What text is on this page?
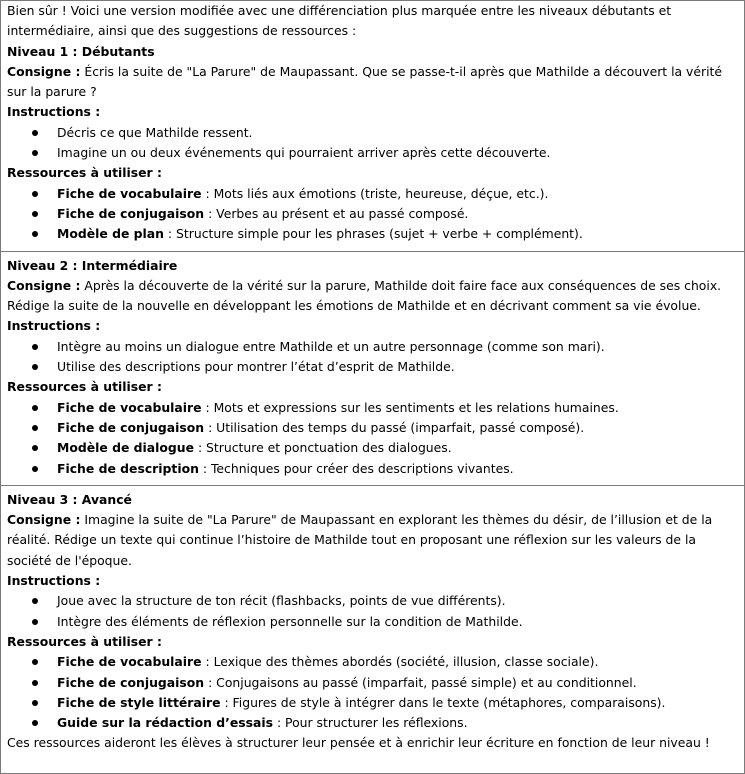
Bien sûr ! Voici une version modifiée avec une différenciation plus marquée entre les niveaux débutants et intermédiaire, ainsi que des suggestions de ressources :
Niveau 1 : Débutants
Consigne : Écris la suite de "La Parure" de Maupassant. Que se passe-t-il après que Mathilde a découvert la vérité sur la parure ?
Instructions :
Décris ce que Mathilde ressent.
Imagine un ou deux événements qui pourraient arriver après cette découverte.
Ressources à utiliser :
Fiche de vocabulaire : Mots liés aux émotions (triste, heureuse, déçue, etc.).
Fiche de conjugaison : Verbes au présent et au passé composé.
Modèle de plan : Structure simple pour les phrases (sujet + verbe + complément).
Niveau 2 : Intermédiaire
Consigne : Après la découverte de la vérité sur la parure, Mathilde doit faire face aux conséquences de ses choix. Rédige la suite de la nouvelle en développant les émotions de Mathilde et en décrivant comment sa vie évolue.
Instructions :
Intègre au moins un dialogue entre Mathilde et un autre personnage (comme son mari).
Utilise des descriptions pour montrer l’état d’esprit de Mathilde.
Ressources à utiliser :
Fiche de vocabulaire : Mots et expressions sur les sentiments et les relations humaines.
Fiche de conjugaison : Utilisation des temps du passé (imparfait, passé composé).
Modèle de dialogue : Structure et ponctuation des dialogues.
Fiche de description : Techniques pour créer des descriptions vivantes.
Niveau 3 : Avancé
Consigne : Imagine la suite de "La Parure" de Maupassant en explorant les thèmes du désir, de l’illusion et de la réalité. Rédige un texte qui continue l’histoire de Mathilde tout en proposant une réflexion sur les valeurs de la société de l'époque.
Instructions :
Joue avec la structure de ton récit (flashbacks, points de vue différents).
Intègre des éléments de réflexion personnelle sur la condition de Mathilde.
Ressources à utiliser :
Fiche de vocabulaire : Lexique des thèmes abordés (société, illusion, classe sociale).
Fiche de conjugaison : Conjugaisons au passé (imparfait, passé simple) et au conditionnel.
Fiche de style littéraire : Figures de style à intégrer dans le texte (métaphores, comparaisons).
Guide sur la rédaction d’essais : Pour structurer les réflexions.
Ces ressources aideront les élèves à structurer leur pensée et à enrichir leur écriture en fonction de leur niveau !
